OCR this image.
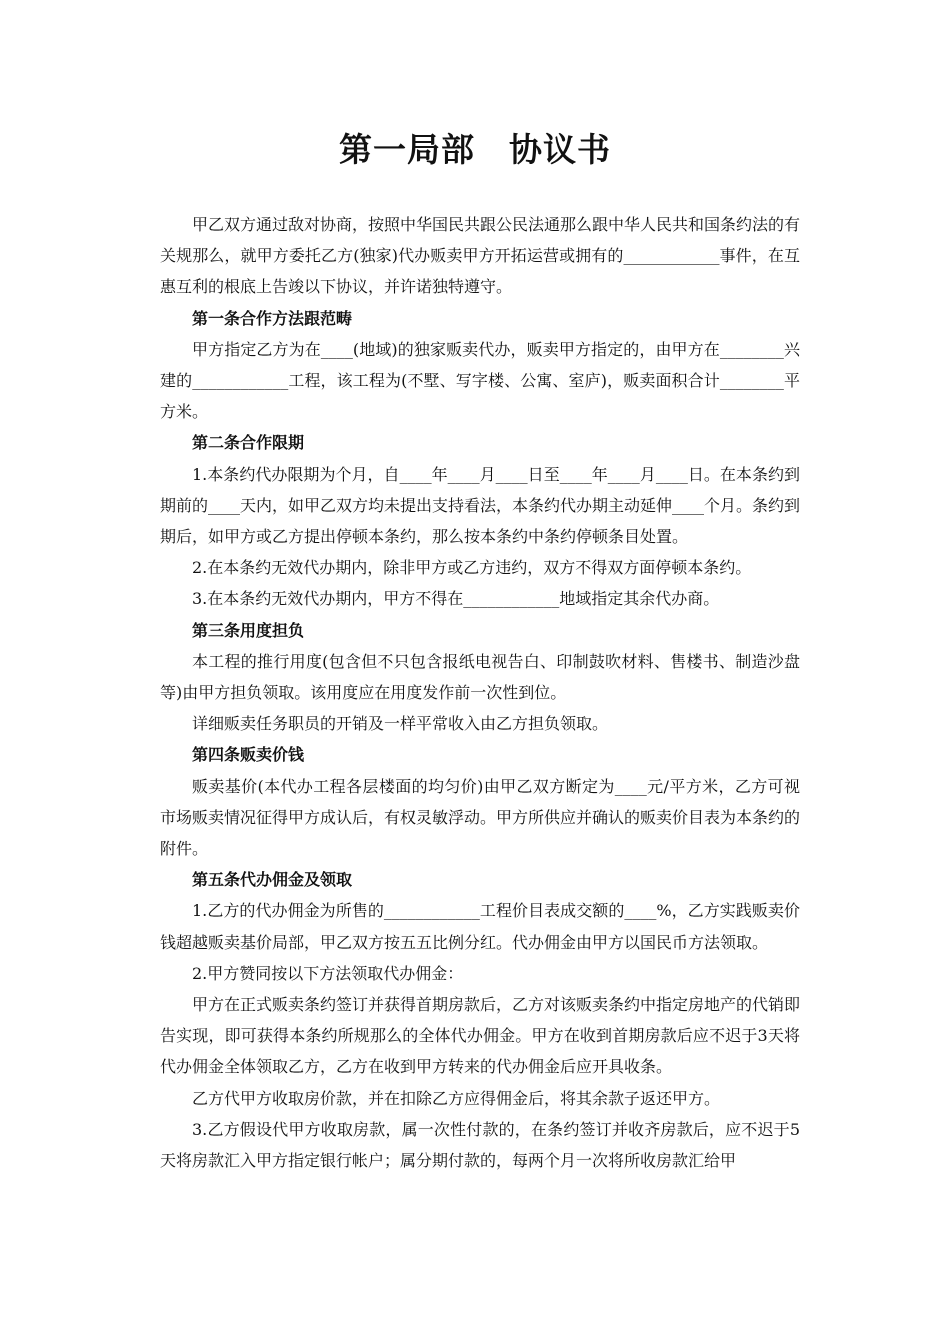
第一局部　协议书

甲乙双方通过敌对协商，按照中华国民共跟公民法通那么跟中华人民共和国条约法的有关规那么，就甲方委托乙方(独家)代办贩卖甲方开拓运营或拥有的____________事件，在互惠互利的根底上告竣以下协议，并许诺独特遵守。

第一条合作方法跟范畴

甲方指定乙方为在____(地域)的独家贩卖代办，贩卖甲方指定的，由甲方在________兴建的____________工程，该工程为(不墅、写字楼、公寓、室庐)，贩卖面积合计________平方米。

第二条合作限期

1.本条约代办限期为个月，自____年____月____日至____年____月____日。在本条约到期前的____天内，如甲乙双方均未提出支持看法，本条约代办期主动延伸____个月。条约到期后，如甲方或乙方提出停顿本条约，那么按本条约中条约停顿条目处置。

2.在本条约无效代办期内，除非甲方或乙方违约，双方不得双方面停顿本条约。

3.在本条约无效代办期内，甲方不得在____________地域指定其余代办商。

第三条用度担负

本工程的推行用度(包含但不只包含报纸电视告白、印制鼓吹材料、售楼书、制造沙盘等)由甲方担负领取。该用度应在用度发作前一次性到位。

详细贩卖任务职员的开销及一样平常收入由乙方担负领取。

第四条贩卖价钱

贩卖基价(本代办工程各层楼面的均匀价)由甲乙双方断定为____元/平方米，乙方可视市场贩卖情况征得甲方成认后，有权灵敏浮动。甲方所供应并确认的贩卖价目表为本条约的附件。

第五条代办佣金及领取

1.乙方的代办佣金为所售的____________工程价目表成交额的____%，乙方实践贩卖价钱超越贩卖基价局部，甲乙双方按五五比例分红。代办佣金由甲方以国民币方法领取。

2.甲方赞同按以下方法领取代办佣金：

甲方在正式贩卖条约签订并获得首期房款后，乙方对该贩卖条约中指定房地产的代销即告实现，即可获得本条约所规那么的全体代办佣金。甲方在收到首期房款后应不迟于3天将代办佣金全体领取乙方，乙方在收到甲方转来的代办佣金后应开具收条。

乙方代甲方收取房价款，并在扣除乙方应得佣金后，将其余款子返还甲方。

3.乙方假设代甲方收取房款，属一次性付款的，在条约签订并收齐房款后，应不迟于5天将房款汇入甲方指定银行帐户；属分期付款的，每两个月一次将所收房款汇给甲
